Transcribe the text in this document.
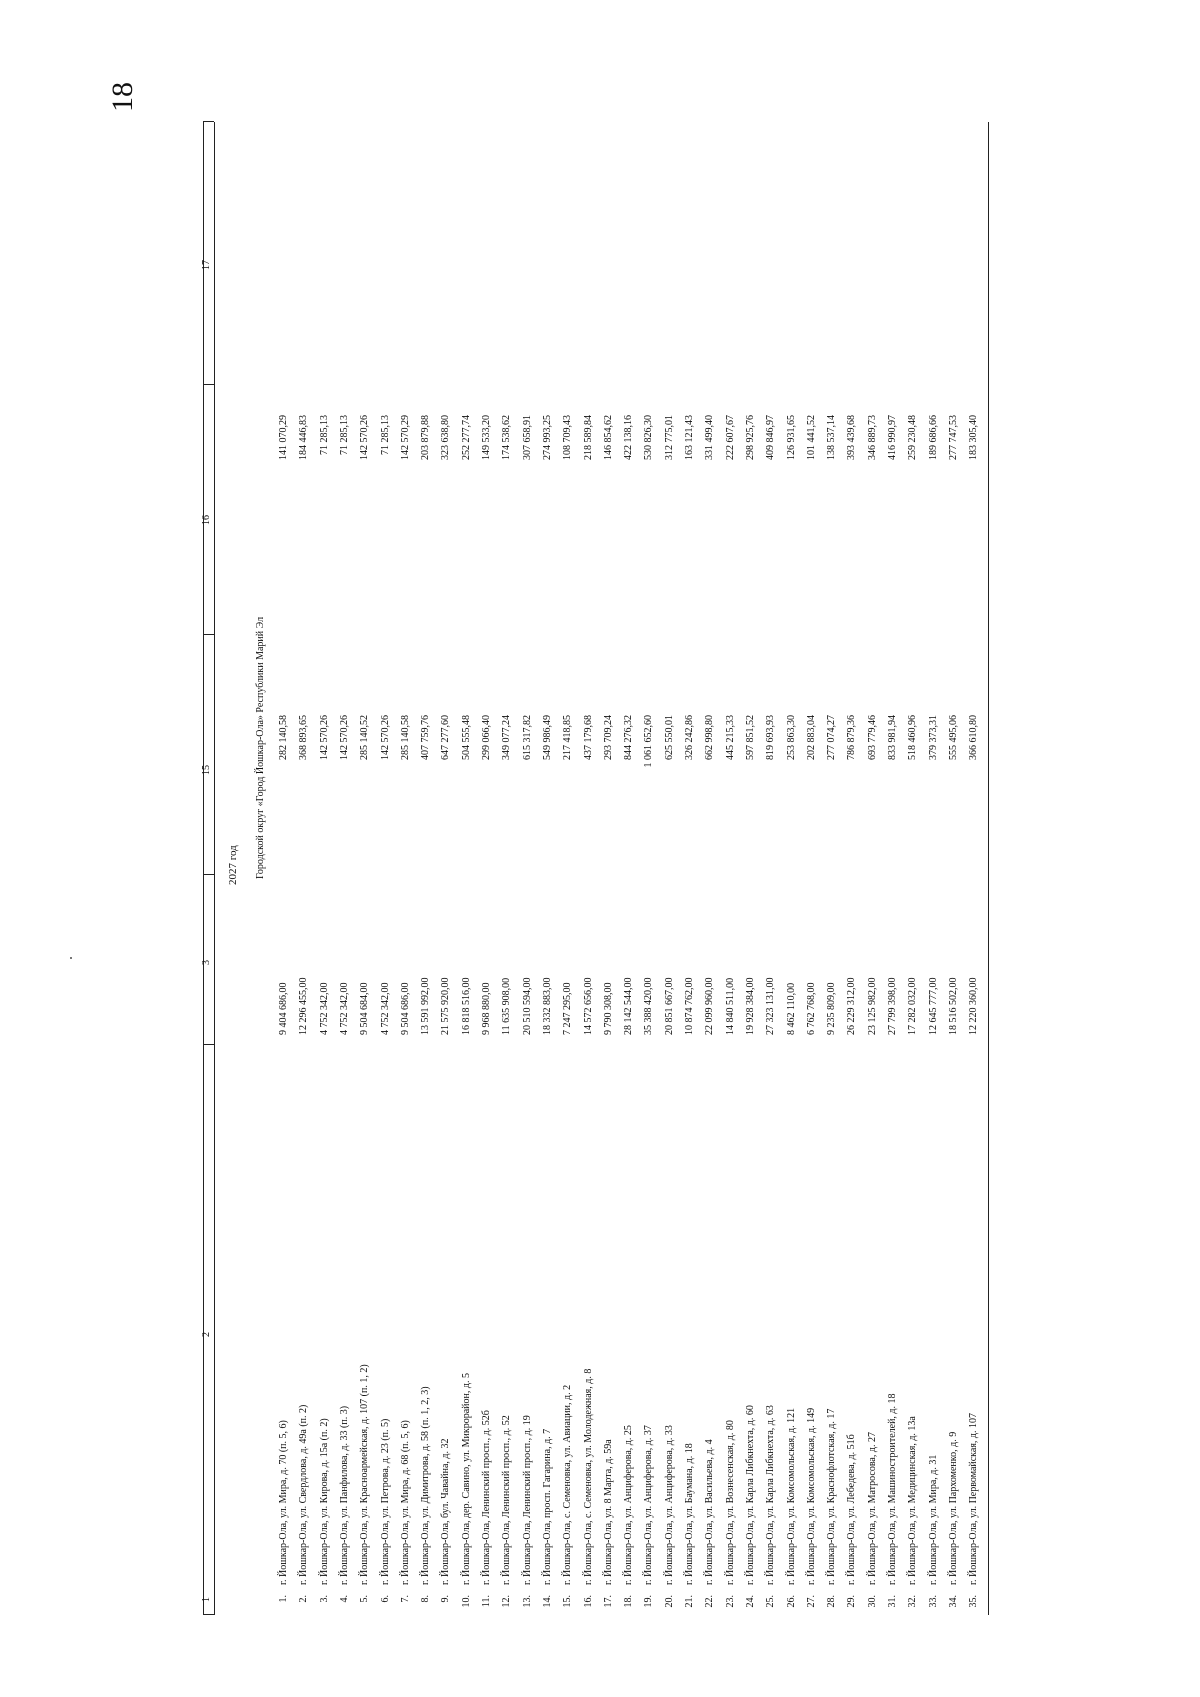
18
1
2
3
15
16
17
2027 год Городской округ «Город Йошкар-Ола» Республики Марий Эл
1.
г. Йошкар-Ола, ул. Мира, д. 70 (п. 5, 6)
9 404 686,00
282 140,58
141 070,29
2.
г. Йошкар-Ола, ул. Свердлова, д. 49а (п. 2)
12 296 455,00
368 893,65
184 446,83
3.
г. Йошкар-Ола, ул. Кирова, д. 15а (п. 2)
4 752 342,00
142 570,26
71 285,13
4.
г. Йошкар-Ола, ул. Панфилова, д. 33 (п. 3)
4 752 342,00
142 570,26
71 285,13
5.
г. Йошкар-Ола, ул. Красноармейская, д. 107 (п. 1, 2)
9 504 684,00
285 140,52
142 570,26
6.
г. Йошкар-Ола, ул. Петрова, д. 23 (п. 5)
4 752 342,00
142 570,26
71 285,13
7.
г. Йошкар-Ола, ул. Мира, д. 68 (п. 5, 6)
9 504 686,00
285 140,58
142 570,29
8.
г. Йошкар-Ола, ул. Димитрова, д. 58 (п. 1, 2, 3)
13 591 992,00
407 759,76
203 879,88
9.
г. Йошкар-Ола, бул. Чавайна, д. 32
21 575 920,00
647 277,60
323 638,80
10.
г. Йошкар-Ола, дер. Савино, ул. Микрорайон, д. 5
16 818 516,00
504 555,48
252 277,74
11.
г. Йошкар-Ола, Ленинский просп., д. 52б
9 968 880,00
299 066,40
149 533,20
12.
г. Йошкар-Ола, Ленинский просп., д. 52
11 635 908,00
349 077,24
174 538,62
13.
г. Йошкар-Ола, Ленинский просп., д. 19
20 510 594,00
615 317,82
307 658,91
14.
г. Йошкар-Ола, просп. Гагарина, д. 7
18 332 883,00
549 986,49
274 993,25
15.
г. Йошкар-Ола, с. Семеновка, ул. Авиации, д. 2
7 247 295,00
217 418,85
108 709,43
16.
г. Йошкар-Ола, с. Семеновка, ул. Молодежная, д. 8
14 572 656,00
437 179,68
218 589,84
17.
г. Йошкар-Ола, ул. 8 Марта, д. 59а
9 790 308,00
293 709,24
146 854,62
18.
г. Йошкар-Ола, ул. Анциферова, д. 25
28 142 544,00
844 276,32
422 138,16
19.
г. Йошкар-Ола, ул. Анциферова, д. 37
35 388 420,00
1 061 652,60
530 826,30
20.
г. Йошкар-Ола, ул. Анциферова, д. 33
20 851 667,00
625 550,01
312 775,01
21.
г. Йошкар-Ола, ул. Баумана, д. 18
10 874 762,00
326 242,86
163 121,43
22.
г. Йошкар-Ола, ул. Васильева, д. 4
22 099 960,00
662 998,80
331 499,40
23.
г. Йошкар-Ола, ул. Вознесенская, д. 80
14 840 511,00
445 215,33
222 607,67
24.
г. Йошкар-Ола, ул. Карла Либкнехта, д. 60
19 928 384,00
597 851,52
298 925,76
25.
г. Йошкар-Ола, ул. Карла Либкнехта, д. 63
27 323 131,00
819 693,93
409 846,97
26.
г. Йошкар-Ола, ул. Комсомольская, д. 121
8 462 110,00
253 863,30
126 931,65
27.
г. Йошкар-Ола, ул. Комсомольская, д. 149
6 762 768,00
202 883,04
101 441,52
28.
г. Йошкар-Ола, ул. Краснофлотская, д. 17
9 235 809,00
277 074,27
138 537,14
29.
г. Йошкар-Ола, ул. Лебедева, д. 51б
26 229 312,00
786 879,36
393 439,68
30.
г. Йошкар-Ола, ул. Матросова, д. 27
23 125 982,00
693 779,46
346 889,73
31.
г. Йошкар-Ола, ул. Машиностроителей, д. 18
27 799 398,00
833 981,94
416 990,97
32.
г. Йошкар-Ола, ул. Медицинская, д. 13а
17 282 032,00
518 460,96
259 230,48
33.
г. Йошкар-Ола, ул. Мира, д. 31
12 645 777,00
379 373,31
189 686,66
34.
г. Йошкар-Ола, ул. Пархоменко, д. 9
18 516 502,00
555 495,06
277 747,53
35.
г. Йошкар-Ола, ул. Первомайская, д. 107
12 220 360,00
366 610,80
183 305,40
